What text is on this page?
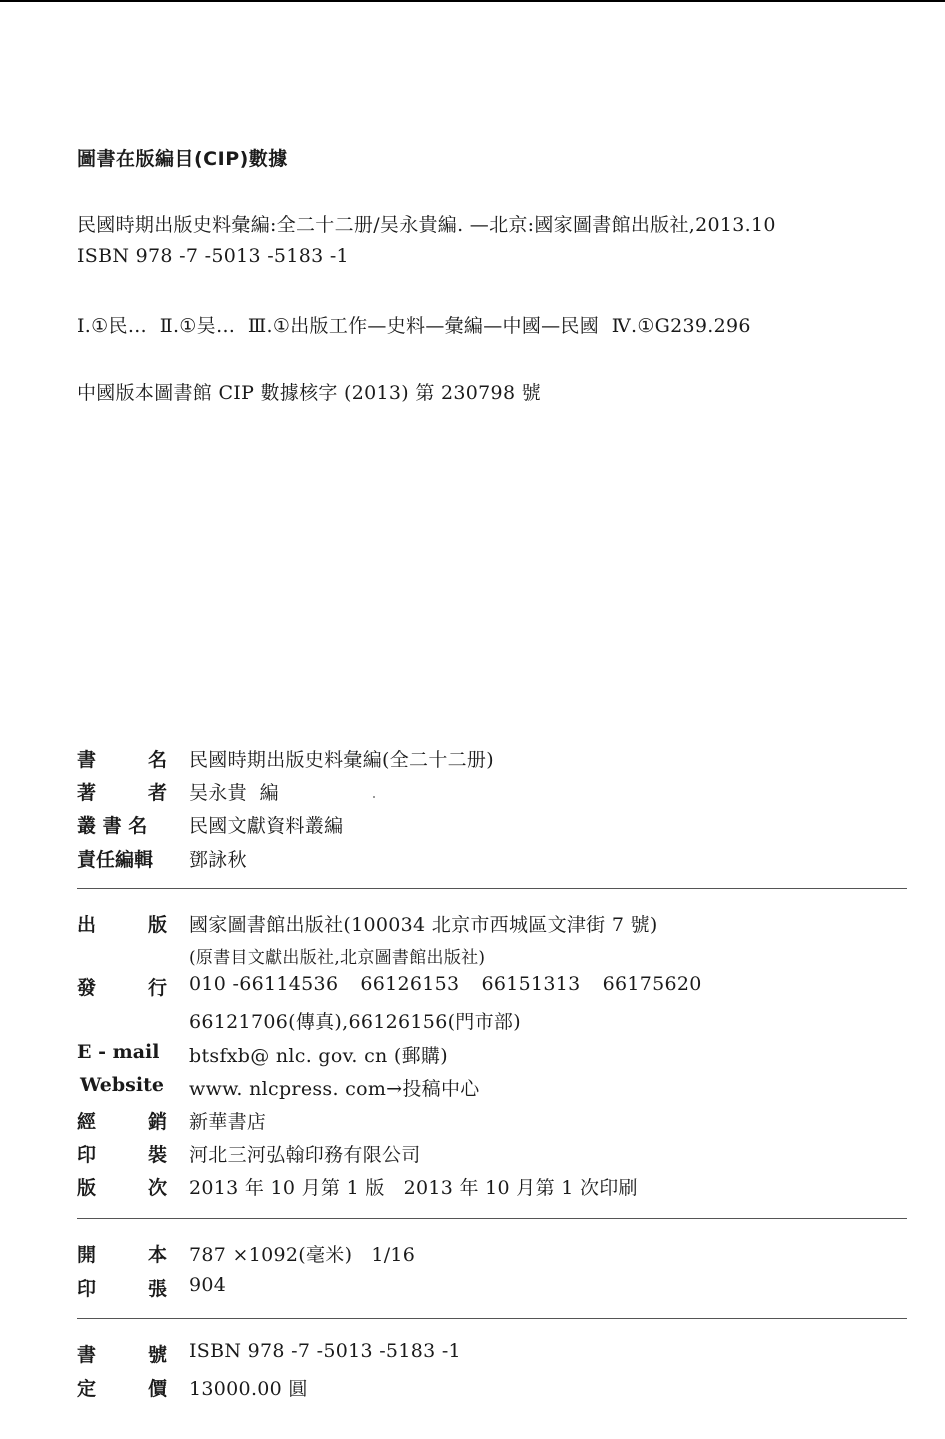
圖書在版編目(CIP)數據
民國時期出版史料彙編:全二十二册/吴永貴編. —北京:國家圖書館出版社,2013.10
ISBN 978 -7 -5013 -5183 -1
Ⅰ.①民…  Ⅱ.①吴…  Ⅲ.①出版工作—史料—彙編—中國—民國  Ⅳ.①G239.296
中國版本圖書館 CIP 數據核字 (2013) 第 230798 號
書	名 民國時期出版史料彙編(全二十二册)
著	者 吴永貴  編
叢 書 名	民國文獻資料叢編
責任編輯	鄧詠秋
出	版 國家圖書館出版社(100034 北京市西城區文津街 7 號)
(原書目文獻出版社,北京圖書館出版社)
發	行 010 -66114536 66126153 66151313 66175620
66121706(傳真),66126156(門市部)
E - mail	btsfxb@ nlc. gov. cn (郵購)
Website www. nlcpress. com→投稿中心
經	銷 新華書店
印	裝 河北三河弘翰印務有限公司
版	次 2013 年 10 月第 1 版   2013 年 10 月第 1 次印刷
開	本 787 ×1092(毫米)   1/16
印	張 904
書	號 ISBN 978 -7 -5013 -5183 -1
定	價 13000.00 圓
